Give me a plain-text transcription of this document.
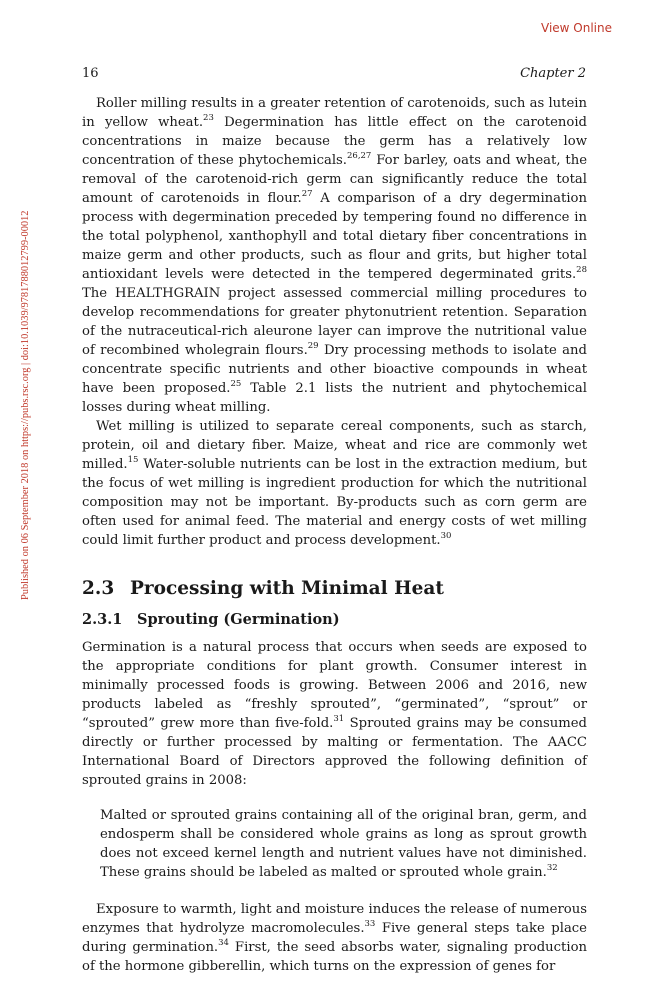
View Online
Published on 06 September 2018 on https://pubs.rsc.org | doi:10.1039/9781788012799-00012
16	Chapter 2

Roller milling results in a greater retention of carotenoids, such as lutein in yellow wheat.$^{23}$ Degermination has little effect on the carotenoid concentrations in maize because the germ has a relatively low concentration of these phytochemicals.$^{26,27}$ For barley, oats and wheat, the removal of the carotenoid-rich germ can significantly reduce the total amount of carotenoids in flour.$^{27}$ A comparison of a dry degermination process with degermination preceded by tempering found no difference in the total polyphenol, xanthophyll and total dietary fiber concentrations in maize germ and other products, such as flour and grits, but higher total antioxidant levels were detected in the tempered degerminated grits.$^{28}$ The HEALTHGRAIN project assessed commercial milling procedures to develop recommendations for greater phytonutrient retention. Separation of the nutraceutical-rich aleurone layer can improve the nutritional value of recombined wholegrain flours.$^{29}$ Dry processing methods to isolate and concentrate specific nutrients and other bioactive compounds in wheat have been proposed.$^{25}$ Table 2.1 lists the nutrient and phytochemical losses during wheat milling.

Wet milling is utilized to separate cereal components, such as starch, protein, oil and dietary fiber. Maize, wheat and rice are commonly wet milled.$^{15}$ Water-soluble nutrients can be lost in the extraction medium, but the focus of wet milling is ingredient production for which the nutritional composition may not be important. By-products such as corn germ are often used for animal feed. The material and energy costs of wet milling could limit further product and process development.$^{30}$

2.3 Processing with Minimal Heat
2.3.1 Sprouting (Germination)

Germination is a natural process that occurs when seeds are exposed to the appropriate conditions for plant growth. Consumer interest in minimally processed foods is growing. Between 2006 and 2016, new products labeled as “freshly sprouted”, “germinated”, “sprout” or “sprouted” grew more than five-fold.$^{31}$ Sprouted grains may be consumed directly or further processed by malting or fermentation. The AACC International Board of Directors approved the following definition of sprouted grains in 2008:

Malted or sprouted grains containing all of the original bran, germ, and endosperm shall be considered whole grains as long as sprout growth does not exceed kernel length and nutrient values have not diminished. These grains should be labeled as malted or sprouted whole grain.$^{32}$

Exposure to warmth, light and moisture induces the release of numerous enzymes that hydrolyze macromolecules.$^{33}$ Five general steps take place during germination.$^{34}$ First, the seed absorbs water, signaling production of the hormone gibberellin, which turns on the expression of genes for
